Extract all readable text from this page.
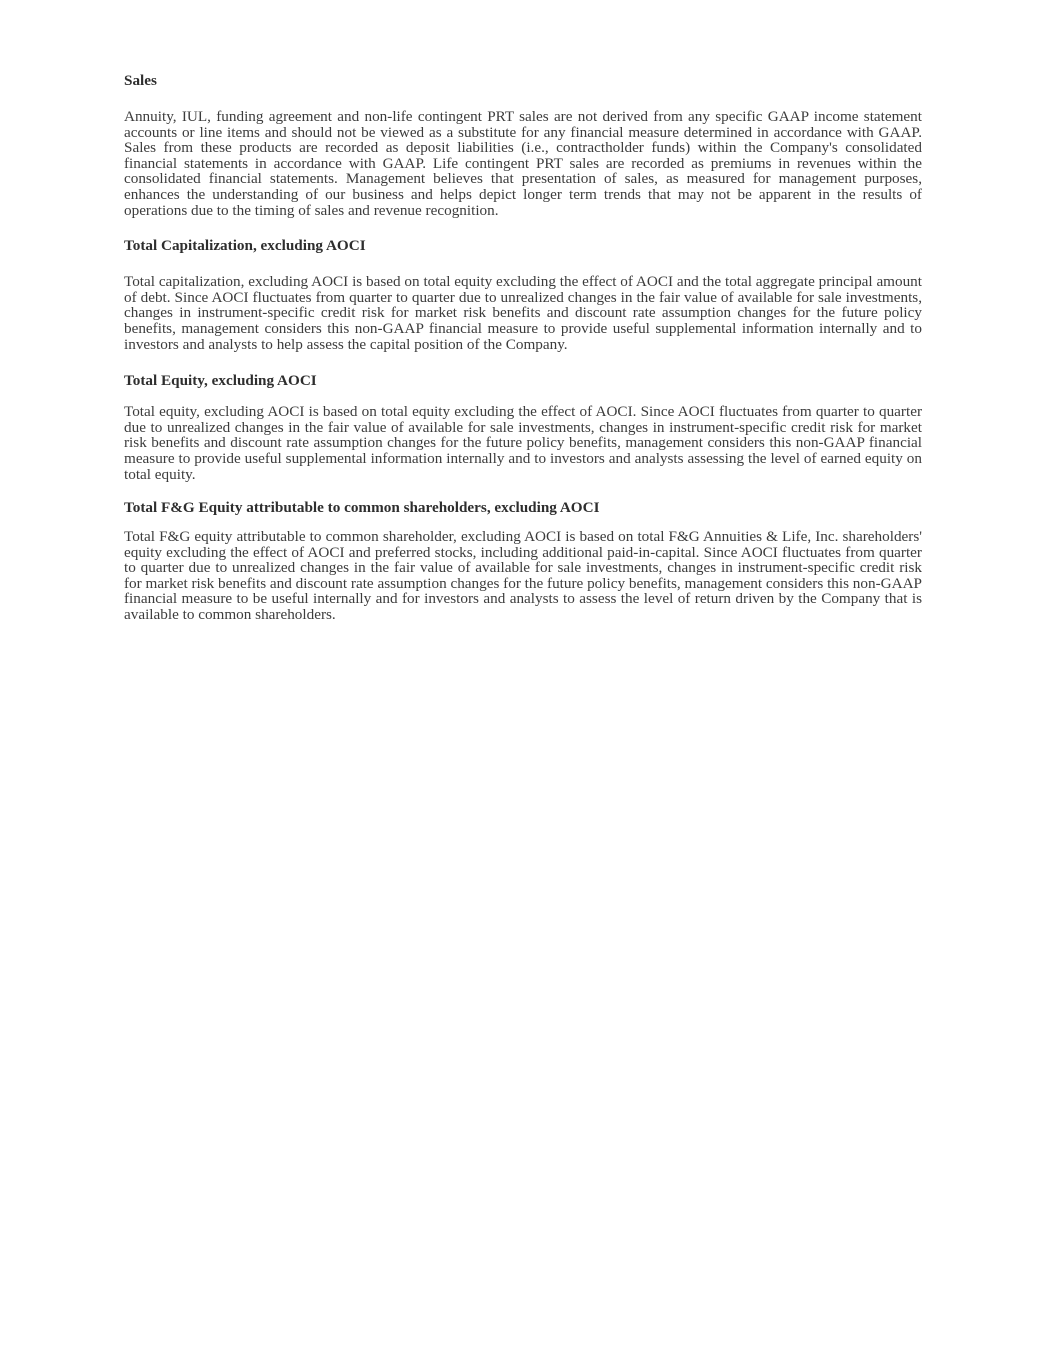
Sales

Annuity, IUL, funding agreement and non-life contingent PRT sales are not derived from any specific GAAP income statement accounts or line items and should not be viewed as a substitute for any financial measure determined in accordance with GAAP. Sales from these products are recorded as deposit liabilities (i.e., contractholder funds) within the Company's consolidated financial statements in accordance with GAAP. Life contingent PRT sales are recorded as premiums in revenues within the consolidated financial statements. Management believes that presentation of sales, as measured for management purposes, enhances the understanding of our business and helps depict longer term trends that may not be apparent in the results of operations due to the timing of sales and revenue recognition.

Total Capitalization, excluding AOCI

Total capitalization, excluding AOCI is based on total equity excluding the effect of AOCI and the total aggregate principal amount of debt. Since AOCI fluctuates from quarter to quarter due to unrealized changes in the fair value of available for sale investments, changes in instrument-specific credit risk for market risk benefits and discount rate assumption changes for the future policy benefits, management considers this non-GAAP financial measure to provide useful supplemental information internally and to investors and analysts to help assess the capital position of the Company.

Total Equity, excluding AOCI

Total equity, excluding AOCI is based on total equity excluding the effect of AOCI. Since AOCI fluctuates from quarter to quarter due to unrealized changes in the fair value of available for sale investments, changes in instrument-specific credit risk for market risk benefits and discount rate assumption changes for the future policy benefits, management considers this non-GAAP financial measure to provide useful supplemental information internally and to investors and analysts assessing the level of earned equity on total equity.

Total F&G Equity attributable to common shareholders, excluding AOCI

Total F&G equity attributable to common shareholder, excluding AOCI is based on total F&G Annuities & Life, Inc. shareholders' equity excluding the effect of AOCI and preferred stocks, including additional paid-in-capital. Since AOCI fluctuates from quarter to quarter due to unrealized changes in the fair value of available for sale investments, changes in instrument-specific credit risk for market risk benefits and discount rate assumption changes for the future policy benefits, management considers this non-GAAP financial measure to be useful internally and for investors and analysts to assess the level of return driven by the Company that is available to common shareholders.
